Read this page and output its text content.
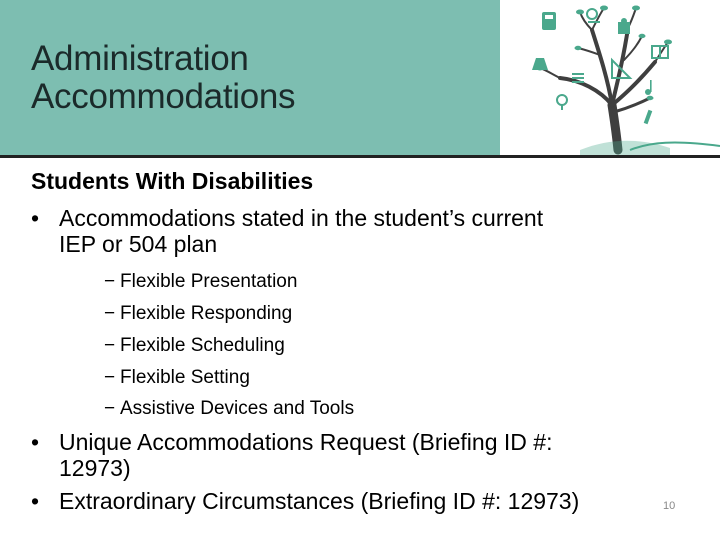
Administration
Accommodations
Students With Disabilities
• Accommodations stated in the student’s current
IEP or 504 plan
− Flexible Presentation
− Flexible Responding
− Flexible Scheduling
− Flexible Setting
− Assistive Devices and Tools
• Unique Accommodations Request (Briefing ID #:
12973)
• Extraordinary Circumstances (Briefing ID #: 12973)	10
